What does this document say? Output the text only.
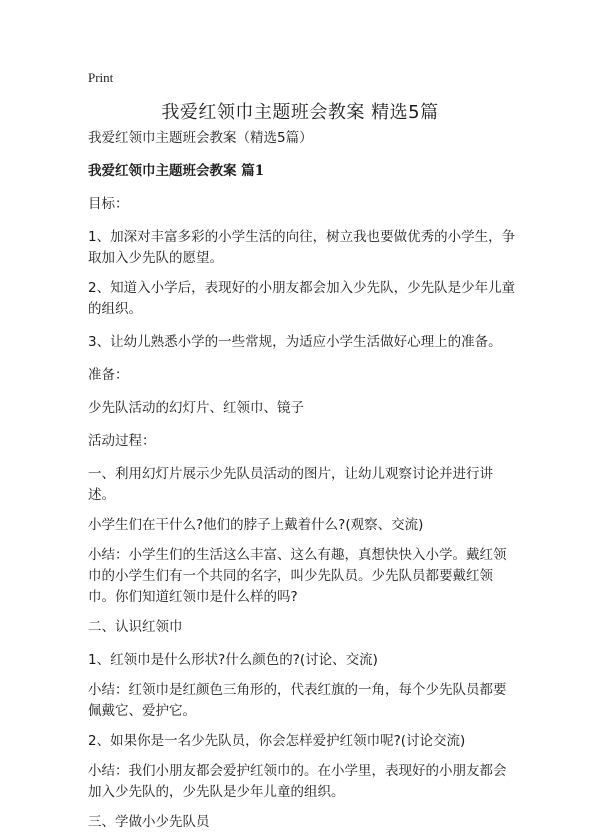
Print
我爱红领巾主题班会教案 精选5篇

我爱红领巾主题班会教案（精选5篇）

我爱红领巾主题班会教案 篇1

目标：

1、加深对丰富多彩的小学生活的向往，树立我也要做优秀的小学生，争取加入少先队的愿望。

2、知道入小学后，表现好的小朋友都会加入少先队，少先队是少年儿童的组织。

3、让幼儿熟悉小学的一些常规，为适应小学生活做好心理上的准备。

准备：

少先队活动的幻灯片、红领巾、镜子

活动过程：

一、利用幻灯片展示少先队员活动的图片，让幼儿观察讨论并进行讲述。

小学生们在干什么?他们的脖子上戴着什么?(观察、交流)

小结：小学生们的生活这么丰富、这么有趣，真想快快入小学。戴红领巾的小学生们有一个共同的名字，叫少先队员。少先队员都要戴红领巾。你们知道红领巾是什么样的吗?

二、认识红领巾

1、红领巾是什么形状?什么颜色的?(讨论、交流)

小结：红领巾是红颜色三角形的，代表红旗的一角，每个少先队员都要佩戴它、爱护它。

2、如果你是一名少先队员，你会怎样爱护红领巾呢?(讨论交流)

小结：我们小朋友都会爱护红领巾的。在小学里，表现好的小朋友都会加入少先队的，少先队是少年儿童的组织。

三、学做小少先队员
